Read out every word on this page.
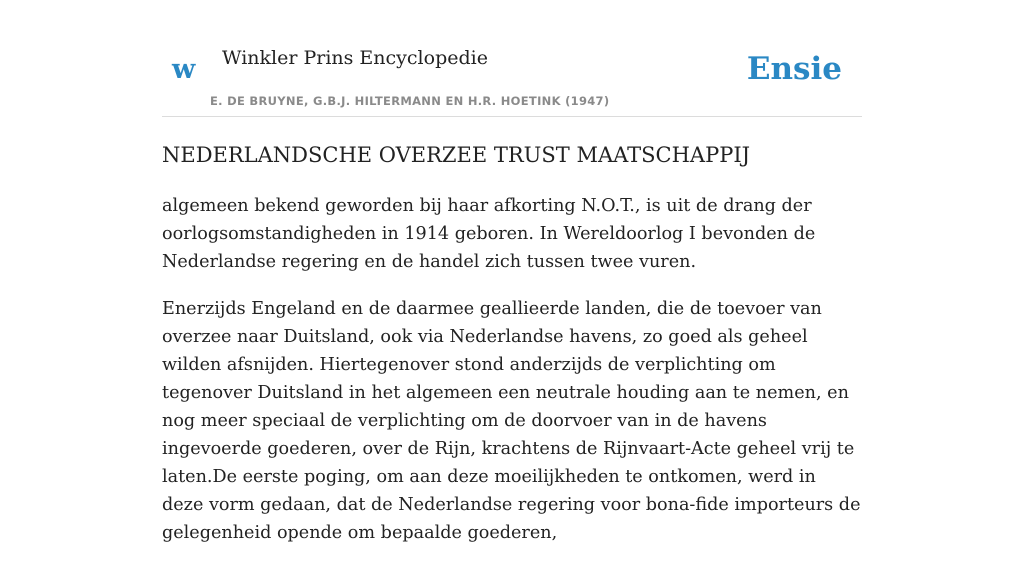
w Winkler Prins Encyclopedie
E. DE BRUYNE, G.B.J. HILTERMANN EN H.R. HOETINK (1947)
Ensie
NEDERLANDSCHE OVERZEE TRUST MAATSCHAPPIJ

algemeen bekend geworden bij haar afkorting N.O.T., is uit de drang der oorlogsomstandigheden in 1914 geboren. In Wereldoorlog I bevonden de Nederlandse regering en de handel zich tussen twee vuren.

Enerzijds Engeland en de daarmee geallieerde landen, die de toevoer van overzee naar Duitsland, ook via Nederlandse havens, zo goed als geheel wilden afsnijden. Hiertegenover stond anderzijds de verplichting om tegenover Duitsland in het algemeen een neutrale houding aan te nemen, en nog meer speciaal de verplichting om de doorvoer van in de havens ingevoerde goederen, over de Rijn, krachtens de Rijnvaart-Acte geheel vrij te laten.De eerste poging, om aan deze moeilijkheden te ontkomen, werd in deze vorm gedaan, dat de Nederlandse regering voor bona-fide importeurs de gelegenheid opende om bepaalde goederen,
